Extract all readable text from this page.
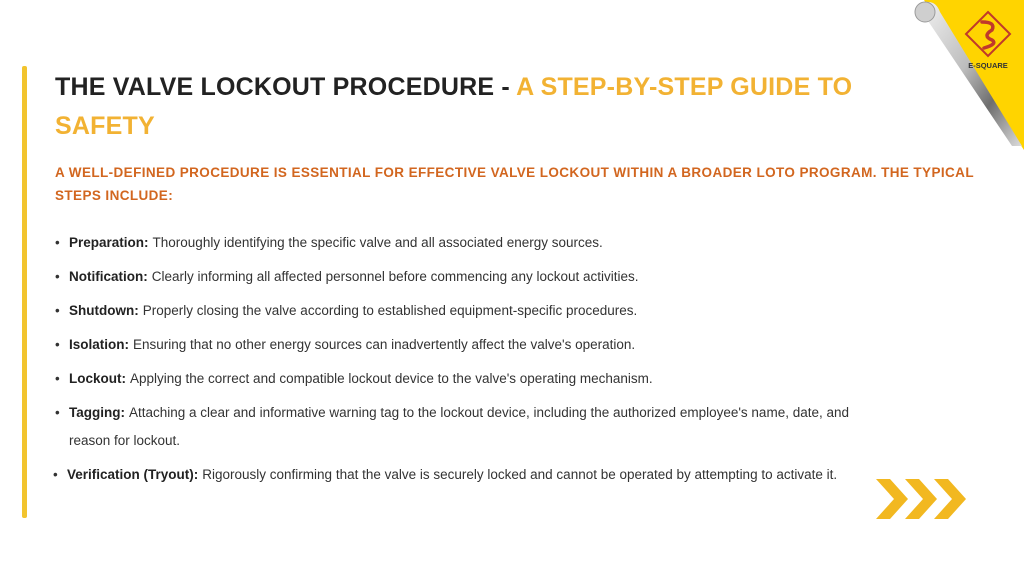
THE VALVE LOCKOUT PROCEDURE - A STEP-BY-STEP GUIDE TO SAFETY

A WELL-DEFINED PROCEDURE IS ESSENTIAL FOR EFFECTIVE VALVE LOCKOUT WITHIN A BROADER LOTO PROGRAM. THE TYPICAL STEPS INCLUDE:

• Preparation: Thoroughly identifying the specific valve and all associated energy sources.
• Notification: Clearly informing all affected personnel before commencing any lockout activities.
• Shutdown: Properly closing the valve according to established equipment-specific procedures.
• Isolation: Ensuring that no other energy sources can inadvertently affect the valve's operation.
• Lockout: Applying the correct and compatible lockout device to the valve's operating mechanism.
• Tagging: Attaching a clear and informative warning tag to the lockout device, including the authorized employee's name, date, and reason for lockout.
• Verification (Tryout): Rigorously confirming that the valve is securely locked and cannot be operated by attempting to activate it.
E-SQUARE
